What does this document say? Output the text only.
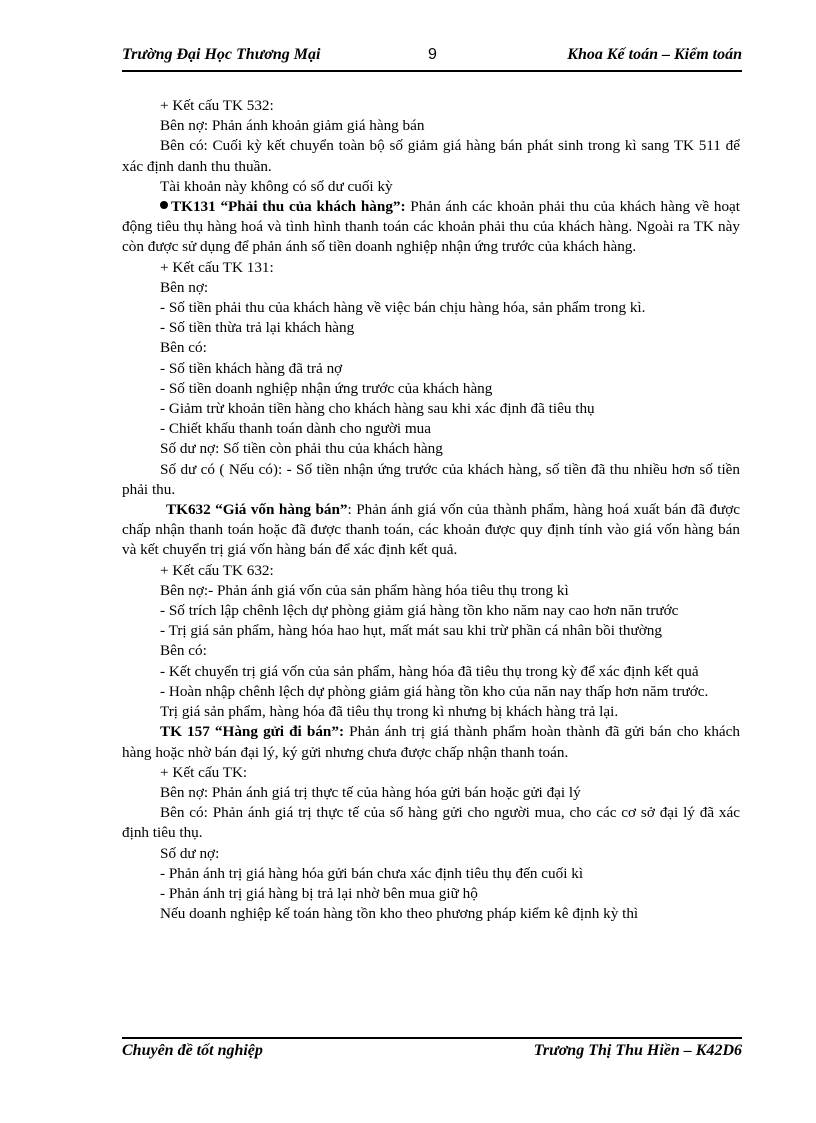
Trường Đại Học Thương Mại	9	Khoa Kế toán – Kiểm toán

+ Kết cấu TK 532:

Bên nợ: Phản ánh khoản giảm giá hàng bán

Bên có: Cuối kỳ kết chuyển toàn bộ số giảm giá hàng bán phát sinh trong kì sang TK 511 để xác định danh thu thuần.

Tài khoản này không có số dư cuối kỳ

TK131 “Phải thu của khách hàng”: Phản ánh các khoản phải thu của khách hàng về hoạt động tiêu thụ hàng hoá và tình hình thanh toán các khoản phải thu của khách hàng. Ngoài ra TK này còn được sử dụng để phản ánh số tiền doanh nghiệp nhận ứng trước của khách hàng.

+ Kết cấu TK 131:

Bên nợ:

- Số tiền phải thu của khách hàng về việc bán chịu hàng hóa, sản phẩm trong kì.

- Số tiền thừa trả lại khách hàng

Bên có:

- Số tiền khách hàng đã trả nợ

- Số tiền doanh nghiệp nhận ứng trước của khách hàng

- Giảm trừ khoản tiền hàng cho khách hàng sau khi xác định đã tiêu thụ

- Chiết khấu thanh toán dành cho người mua

Số dư nợ: Số tiền còn phải thu của khách hàng

Số dư có ( Nếu có): - Số tiền nhận ứng trước của khách hàng, số tiền đã thu nhiều hơn số tiền phải thu.

TK632 “Giá vốn hàng bán”: Phản ánh giá vốn của thành phẩm, hàng hoá xuất bán đã được chấp nhận thanh toán hoặc đã được thanh toán, các khoản được quy định tính vào giá vốn hàng bán và kết chuyển trị giá vốn hàng bán để xác định kết quả.

+ Kết cấu TK 632:

Bên nợ:- Phản ánh giá vốn của sản phẩm hàng hóa tiêu thụ trong kì

- Số trích lập chênh lệch dự phòng giảm giá hàng tồn kho năm nay cao hơn năn trước

- Trị giá sản phẩm, hàng hóa hao hụt, mất mát sau khi trừ phần cá nhân bồi thường

Bên có:

- Kết chuyển trị giá vốn của sản phẩm, hàng hóa đã tiêu thụ trong kỳ để xác định kết quả

- Hoàn nhập chênh lệch dự phòng giảm giá hàng tồn kho của năn nay thấp hơn năm trước.

Trị giá sản phẩm, hàng hóa đã tiêu thụ trong kì nhưng bị khách hàng trả lại.

TK 157 “Hàng gửi đi bán”: Phản ánh trị giá thành phẩm hoàn thành đã gửi bán cho khách hàng hoặc nhờ bán đại lý, ký gửi nhưng chưa được chấp nhận thanh toán.

+ Kết cấu TK:

Bên nợ: Phản ánh giá trị thực tế của hàng hóa gửi bán hoặc gửi đại lý

Bên có: Phản ánh giá trị thực tế của số hàng gửi cho người mua, cho các cơ sở đại lý đã xác định tiêu thụ.

Số dư nợ:

- Phản ánh trị giá hàng hóa gửi bán chưa xác định tiêu thụ đến cuối kì

- Phản ánh trị giá hàng bị trả lại nhờ bên mua giữ hộ

Nếu doanh nghiệp kế toán hàng tồn kho theo phương pháp kiểm kê định kỳ thì

Chuyên đề tốt nghiệp	Trương Thị Thu Hiền – K42D6
